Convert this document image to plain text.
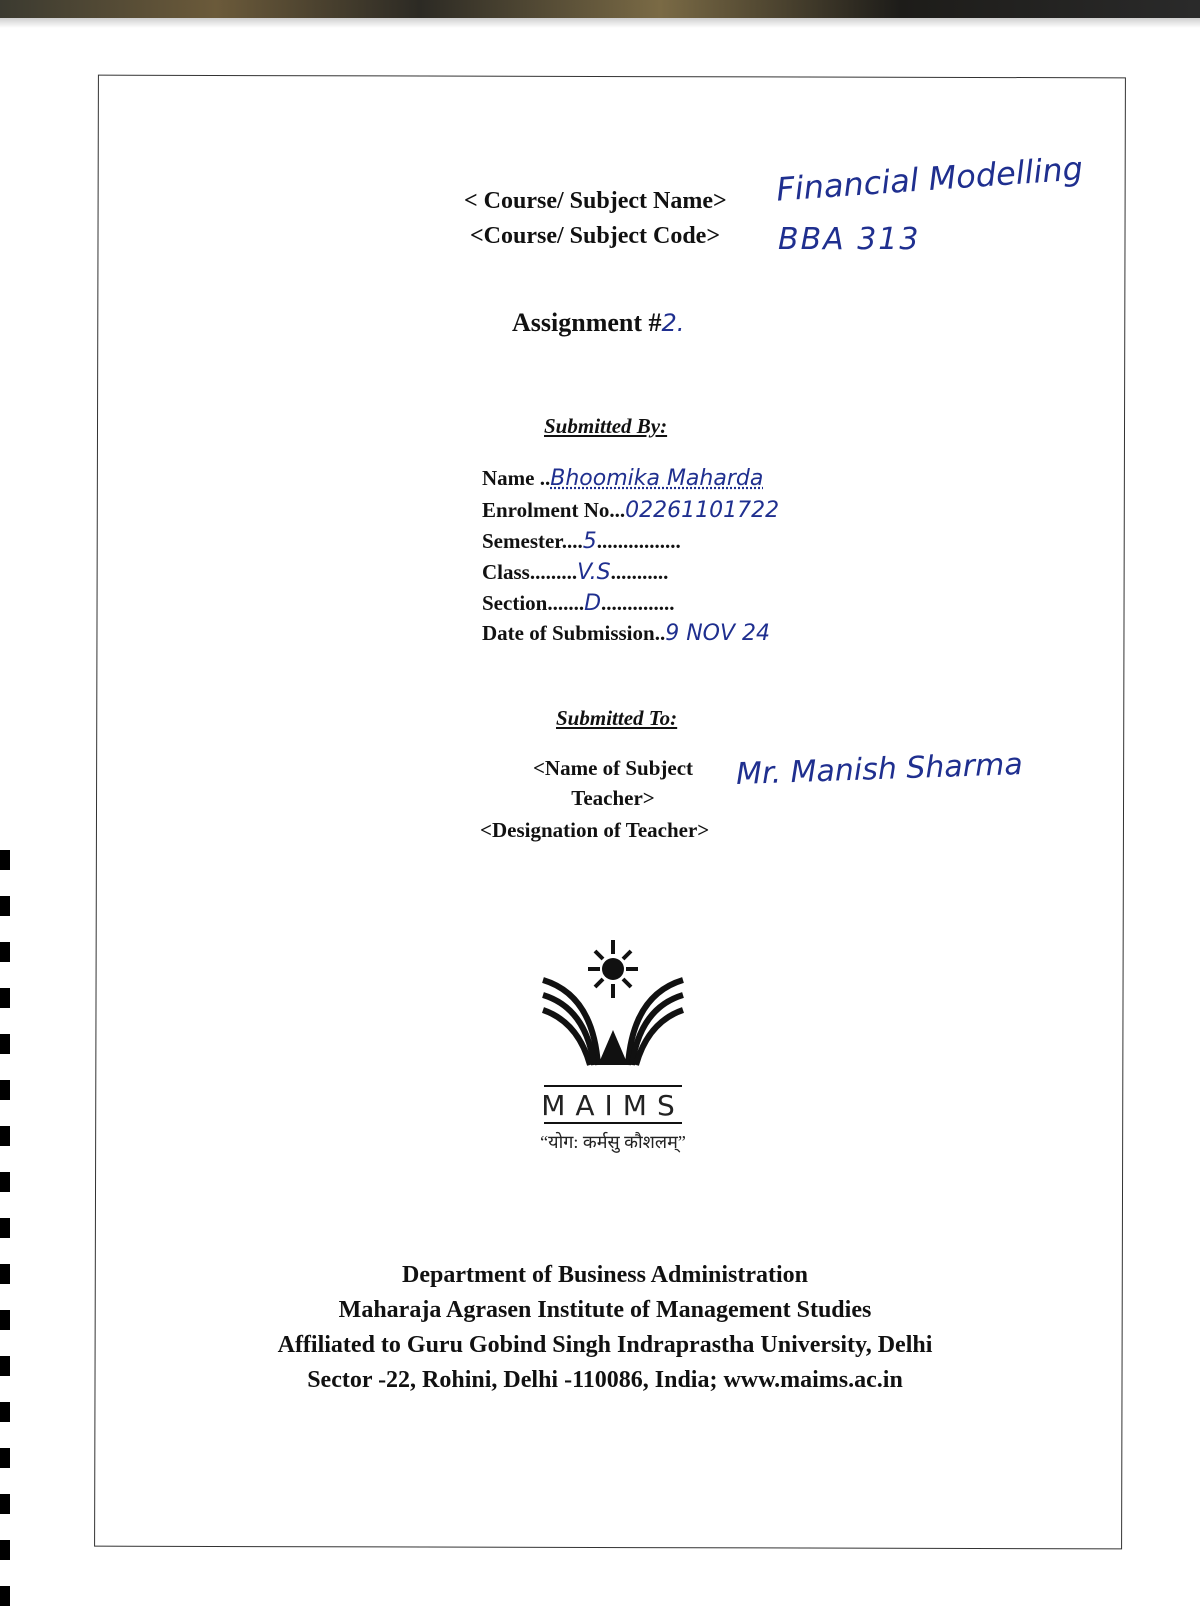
< Course/ Subject Name> Financial Modelling
<Course/ Subject Code> BBA 313
Assignment #2.
Submitted By:
Name ..Bhoomika Maharda
Enrolment No...02261101722
Semester....5................
Class.........V.S...........
Section.......D..............
Date of Submission..9 NOV 24
Submitted To:
<Name of Subject
Teacher>
Mr. Manish Sharma
<Designation of Teacher>
MAIMS
“योग: कर्मसु कौशलम्”
Department of Business Administration
Maharaja Agrasen Institute of Management Studies
Affiliated to Guru Gobind Singh Indraprastha University, Delhi
Sector -22, Rohini, Delhi -110086, India; www.maims.ac.in
